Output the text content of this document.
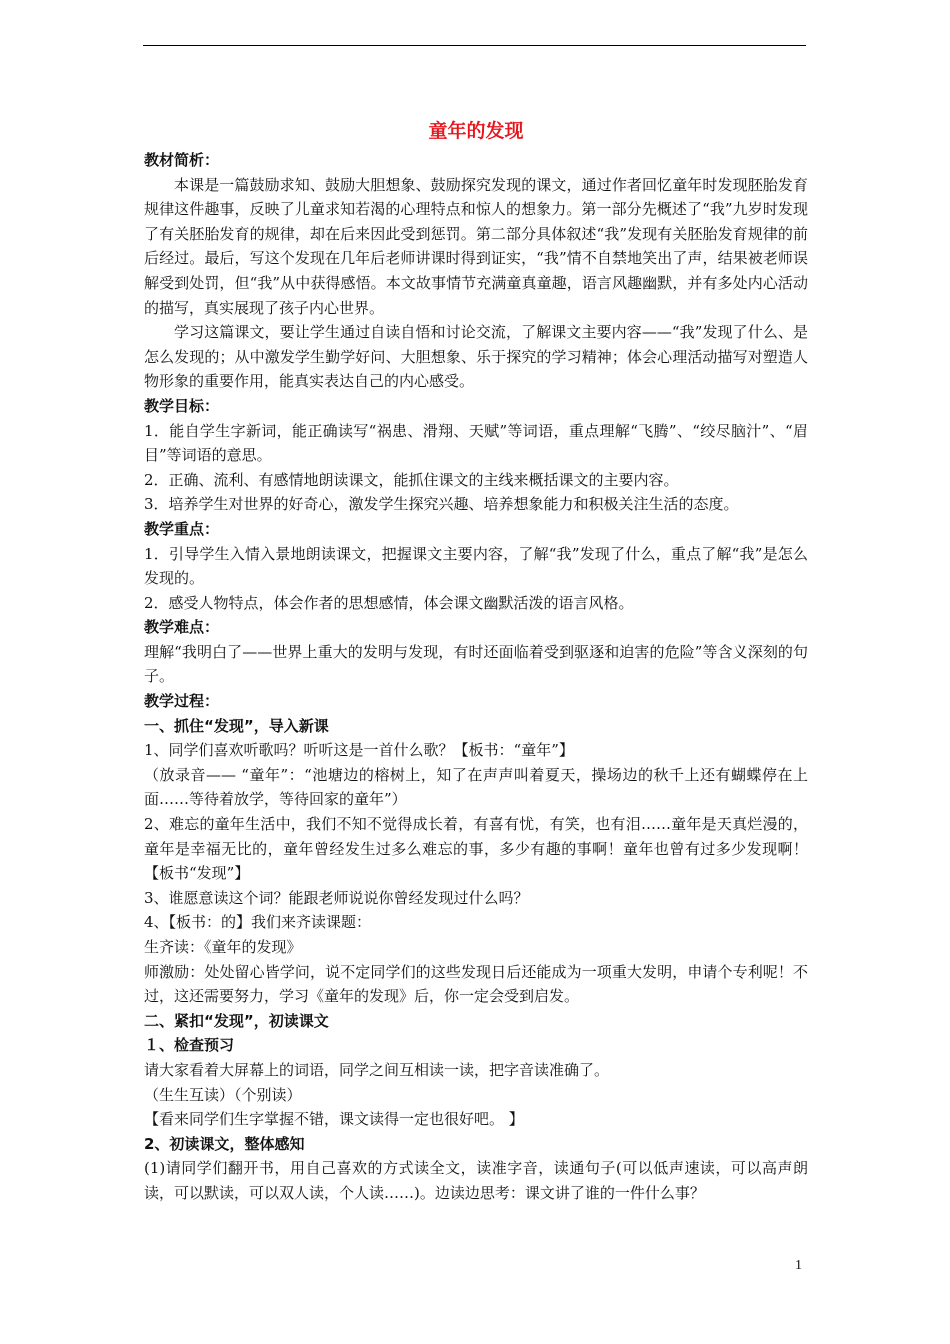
童年的发现

教材简析：

本课是一篇鼓励求知、鼓励大胆想象、鼓励探究发现的课文，通过作者回忆童年时发现胚胎发育规律这件趣事，反映了儿童求知若渴的心理特点和惊人的想象力。第一部分先概述了“我”九岁时发现了有关胚胎发育的规律，却在后来因此受到惩罚。第二部分具体叙述“我”发现有关胚胎发育规律的前后经过。最后，写这个发现在几年后老师讲课时得到证实，“我”情不自禁地笑出了声，结果被老师误解受到处罚，但“我”从中获得感悟。本文故事情节充满童真童趣，语言风趣幽默，并有多处内心活动的描写，真实展现了孩子内心世界。

学习这篇课文，要让学生通过自读自悟和讨论交流，了解课文主要内容——“我”发现了什么、是怎么发现的；从中激发学生勤学好问、大胆想象、乐于探究的学习精神；体会心理活动描写对塑造人物形象的重要作用，能真实表达自己的内心感受。

教学目标：

1．能自学生字新词，能正确读写“祸患、滑翔、天赋”等词语，重点理解“飞腾”、“绞尽脑汁”、“眉目”等词语的意思。

2．正确、流利、有感情地朗读课文，能抓住课文的主线来概括课文的主要内容。

3．培养学生对世界的好奇心，激发学生探究兴趣、培养想象能力和积极关注生活的态度。

教学重点：

1．引导学生入情入景地朗读课文，把握课文主要内容，了解“我”发现了什么，重点了解“我”是怎么发现的。

2．感受人物特点，体会作者的思想感情，体会课文幽默活泼的语言风格。

教学难点：

理解“我明白了——世界上重大的发明与发现，有时还面临着受到驱逐和迫害的危险”等含义深刻的句子。

教学过程：

一、抓住“发现”，导入新课

1、同学们喜欢听歌吗？听听这是一首什么歌？【板书：“童年”】

（放录音—— “童年”：“池塘边的榕树上，知了在声声叫着夏天，操场边的秋千上还有蝴蝶停在上面……等待着放学，等待回家的童年”）

2、难忘的童年生活中，我们不知不觉得成长着，有喜有忧，有笑，也有泪……童年是天真烂漫的，童年是幸福无比的，童年曾经发生过多么难忘的事，多少有趣的事啊！童年也曾有过多少发现啊！【板书“发现”】

3、谁愿意读这个词？能跟老师说说你曾经发现过什么吗？

4、【板书：的】我们来齐读课题：

生齐读：《童年的发现》

师激励：处处留心皆学问，说不定同学们的这些发现日后还能成为一项重大发明，申请个专利呢！不过，这还需要努力，学习《童年的发现》后，你一定会受到启发。

二、紧扣“发现”，初读课文

１、检查预习

请大家看着大屏幕上的词语，同学之间互相读一读，把字音读准确了。

（生生互读）（个别读）

【看来同学们生字掌握不错，课文读得一定也很好吧。 】

2、初读课文，整体感知

(1)请同学们翻开书，用自己喜欢的方式读全文，读准字音，读通句子(可以低声速读，可以高声朗读，可以默读，可以双人读，个人读……)。边读边思考：课文讲了谁的一件什么事？

1
